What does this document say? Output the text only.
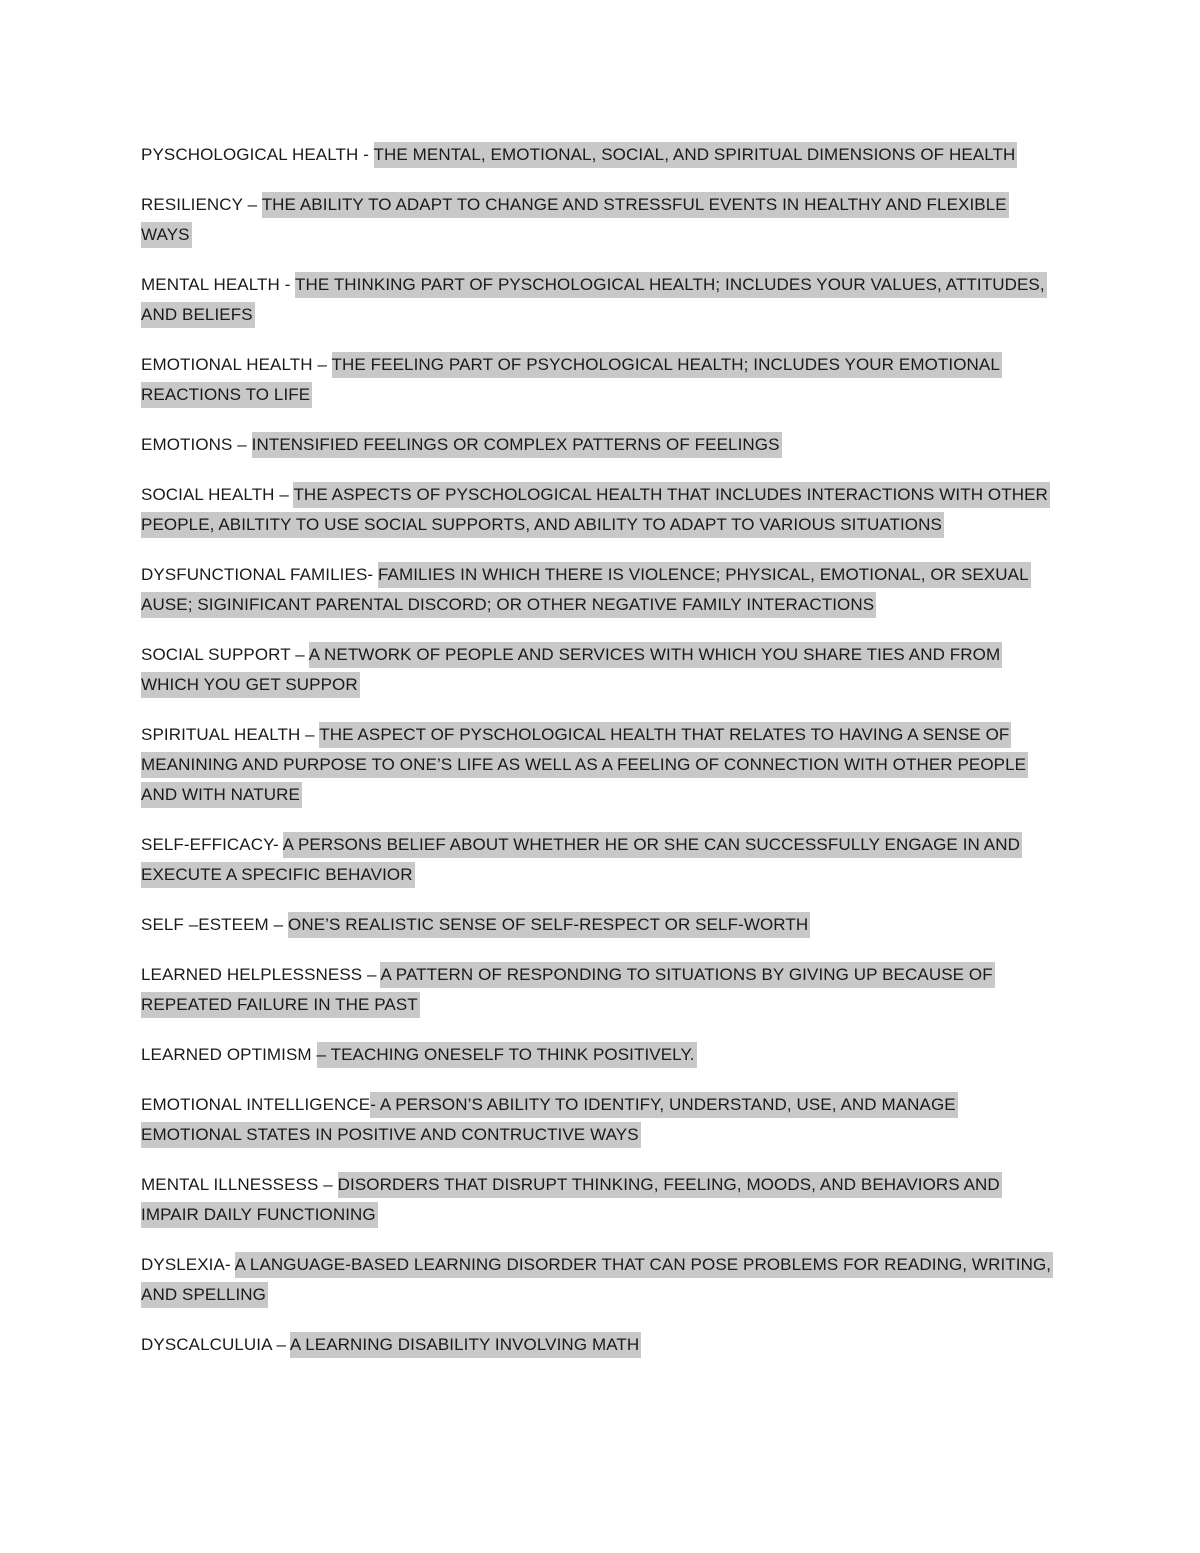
PYSCHOLOGICAL HEALTH - THE MENTAL, EMOTIONAL, SOCIAL, AND SPIRITUAL DIMENSIONS OF HEALTH

RESILIENCY – THE ABILITY TO ADAPT TO CHANGE AND STRESSFUL EVENTS IN HEALTHY AND FLEXIBLE WAYS

MENTAL HEALTH - THE THINKING PART OF PYSCHOLOGICAL HEALTH; INCLUDES YOUR VALUES, ATTITUDES, AND BELIEFS

EMOTIONAL HEALTH – THE FEELING PART OF PSYCHOLOGICAL HEALTH; INCLUDES YOUR EMOTIONAL REACTIONS TO LIFE

EMOTIONS – INTENSIFIED FEELINGS OR COMPLEX PATTERNS OF FEELINGS

SOCIAL HEALTH – THE ASPECTS OF PYSCHOLOGICAL HEALTH THAT INCLUDES INTERACTIONS WITH OTHER PEOPLE, ABILTITY TO USE SOCIAL SUPPORTS, AND ABILITY TO ADAPT TO VARIOUS SITUATIONS

DYSFUNCTIONAL FAMILIES- FAMILIES IN WHICH THERE IS VIOLENCE; PHYSICAL, EMOTIONAL, OR SEXUAL AUSE; SIGINIFICANT PARENTAL DISCORD; OR OTHER NEGATIVE FAMILY INTERACTIONS

SOCIAL SUPPORT – A NETWORK OF PEOPLE AND SERVICES WITH WHICH YOU SHARE TIES AND FROM WHICH YOU GET SUPPOR

SPIRITUAL HEALTH – THE ASPECT OF PYSCHOLOGICAL HEALTH THAT RELATES TO HAVING A SENSE OF MEANINING AND PURPOSE TO ONE’S LIFE AS WELL AS A FEELING OF CONNECTION WITH OTHER PEOPLE AND WITH NATURE

SELF-EFFICACY- A PERSONS BELIEF ABOUT WHETHER HE OR SHE CAN SUCCESSFULLY ENGAGE IN AND EXECUTE A SPECIFIC BEHAVIOR

SELF –ESTEEM – ONE’S REALISTIC SENSE OF SELF-RESPECT OR SELF-WORTH

LEARNED HELPLESSNESS – A PATTERN OF RESPONDING TO SITUATIONS BY GIVING UP BECAUSE OF REPEATED FAILURE IN THE PAST

LEARNED OPTIMISM – TEACHING ONESELF TO THINK POSITIVELY.

EMOTIONAL INTELLIGENCE- A PERSON’S ABILITY TO IDENTIFY, UNDERSTAND, USE, AND MANAGE EMOTIONAL STATES IN POSITIVE AND CONTRUCTIVE WAYS

MENTAL ILLNESSESS – DISORDERS THAT DISRUPT THINKING, FEELING, MOODS, AND BEHAVIORS AND IMPAIR DAILY FUNCTIONING

DYSLEXIA- A LANGUAGE-BASED LEARNING DISORDER THAT CAN POSE PROBLEMS FOR READING, WRITING, AND SPELLING

DYSCALCULUIA – A LEARNING DISABILITY INVOLVING MATH
